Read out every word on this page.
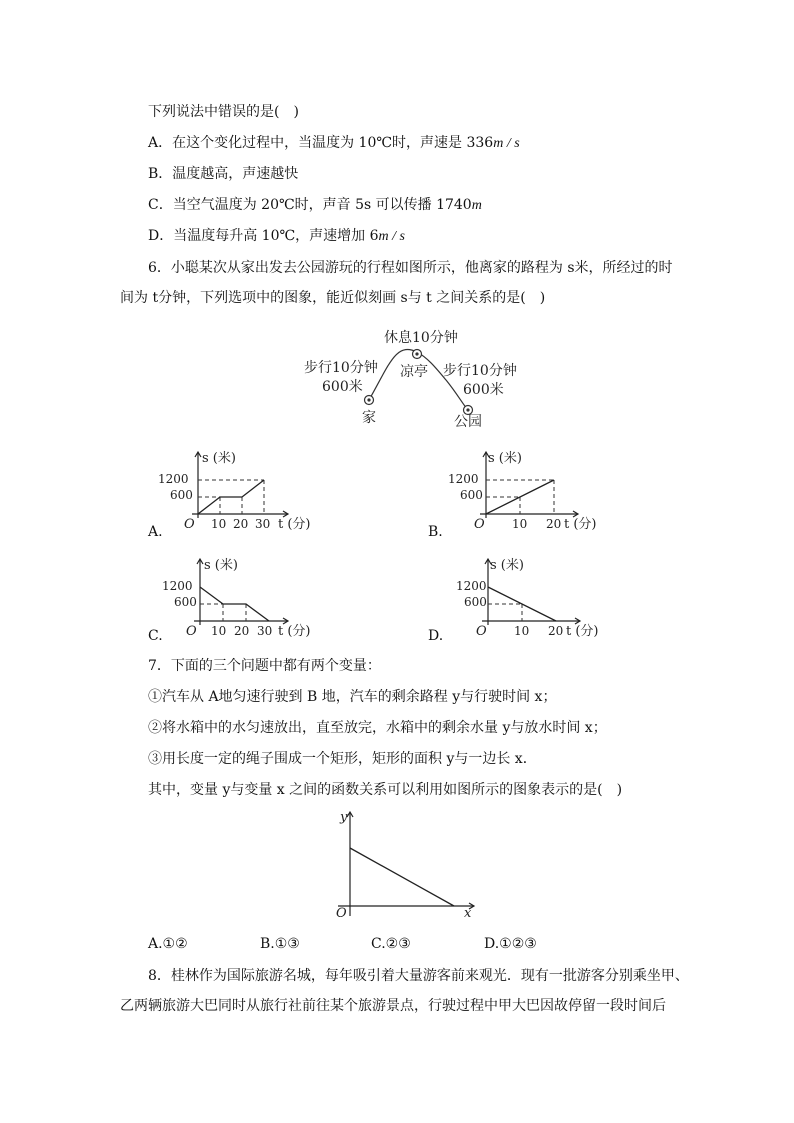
下列说法中错误的是(　)
A．在这个变化过程中，当温度为 10℃时，声速是 336m / s
B．温度越高，声速越快
C．当空气温度为 20℃时，声音 5s 可以传播 1740m
D．当温度每升高 10℃，声速增加 6m / s
6．小聪某次从家出发去公园游玩的行程如图所示，他离家的路程为 s米，所经过的时
间为 t分钟，下列选项中的图象，能近似刻画 s与 t 之间关系的是(　)
休息10分钟
步行10分钟
600米
凉亭 步行10分钟
600米
家	公园
s (米)
t (分)
O
1200
600
10 20 30
A.
s (米)
t (分)
O
1200
600
10 20
B.
s (米)
t (分)
O
1200
600
10 20 30
C.
s (米)
t (分)
O
1200
600
10 20
D.
7．下面的三个问题中都有两个变量：
①汽车从 A地匀速行驶到 B 地，汽车的剩余路程 y与行驶时间 x；
②将水箱中的水匀速放出，直至放完，水箱中的剩余水量 y与放水时间 x；
③用长度一定的绳子围成一个矩形，矩形的面积 y与一边长 x．
其中，变量 y与变量 x 之间的函数关系可以利用如图所示的图象表示的是(　)
y
x
O
A.①②	B.①③	C.②③	D.①②③
8．桂林作为国际旅游名城，每年吸引着大量游客前来观光．现有一批游客分别乘坐甲、
乙两辆旅游大巴同时从旅行社前往某个旅游景点，行驶过程中甲大巴因故停留一段时间后
